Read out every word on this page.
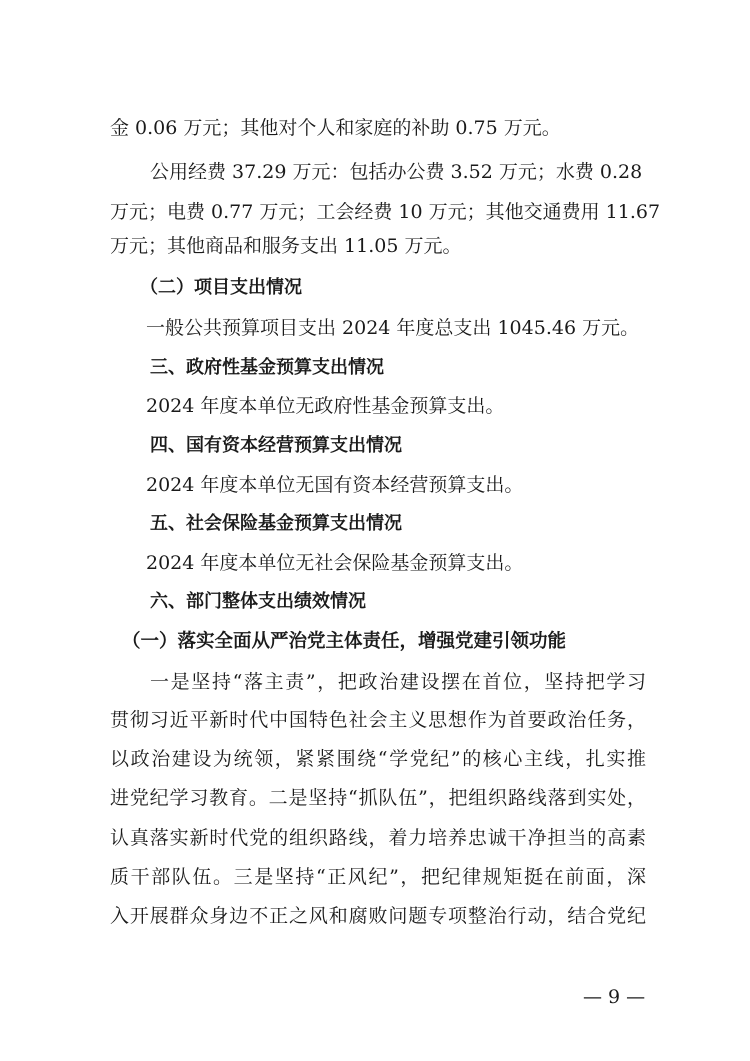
金 0.06 万元；其他对个人和家庭的补助 0.75 万元。
公用经费 37.29 万元：包括办公费 3.52 万元；水费 0.28
万元；电费 0.77 万元；工会经费 10 万元；其他交通费用 11.67
万元；其他商品和服务支出 11.05 万元。
（二）项目支出情况
一般公共预算项目支出 2024 年度总支出 1045.46 万元。
三、政府性基金预算支出情况
2024 年度本单位无政府性基金预算支出。
四、国有资本经营预算支出情况
2024 年度本单位无国有资本经营预算支出。
五、社会保险基金预算支出情况
2024 年度本单位无社会保险基金预算支出。
六、部门整体支出绩效情况
（一）落实全面从严治党主体责任，增强党建引领功能
一是坚持“落主责”，把政治建设摆在首位，坚持把学习
贯彻习近平新时代中国特色社会主义思想作为首要政治任务，
以政治建设为统领，紧紧围绕“学党纪”的核心主线，扎实推
进党纪学习教育。二是坚持“抓队伍”，把组织路线落到实处，
认真落实新时代党的组织路线，着力培养忠诚干净担当的高素
质干部队伍。三是坚持“正风纪”，把纪律规矩挺在前面，深
入开展群众身边不正之风和腐败问题专项整治行动，结合党纪
— 9 —
